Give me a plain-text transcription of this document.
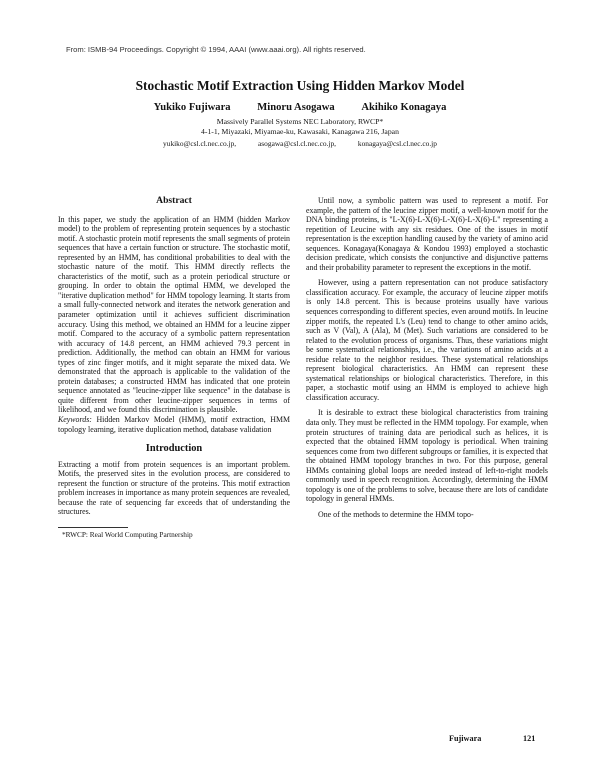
From: ISMB-94 Proceedings. Copyright © 1994, AAAI (www.aaai.org). All rights reserved.
Stochastic Motif Extraction Using Hidden Markov Model
Yukiko Fujiwara	Minoru Asogawa	Akihiko Konagaya
Massively Parallel Systems NEC Laboratory, RWCP*
4-1-1, Miyazaki, Miyamae-ku, Kawasaki, Kanagawa 216, Japan
yukiko@csl.cl.nec.co.jp,	asogawa@csl.cl.nec.co.jp,	konagaya@csl.cl.nec.co.jp
Abstract

In this paper, we study the application of an HMM (hidden Markov model) to the problem of representing protein sequences by a stochastic motif. A stochastic protein motif represents the small segments of protein sequences that have a certain function or structure. The stochastic motif, represented by an HMM, has conditional probabilities to deal with the stochastic nature of the motif. This HMM directly reflects the characteristics of the motif, such as a protein periodical structure or grouping. In order to obtain the optimal HMM, we developed the "iterative duplication method" for HMM topology learning. It starts from a small fully-connected network and iterates the network generation and parameter optimization until it achieves sufficient discrimination accuracy. Using this method, we obtained an HMM for a leucine zipper motif. Compared to the accuracy of a symbolic pattern representation with accuracy of 14.8 percent, an HMM achieved 79.3 percent in prediction. Additionally, the method can obtain an HMM for various types of zinc finger motifs, and it might separate the mixed data. We demonstrated that the approach is applicable to the validation of the protein databases; a constructed HMM has indicated that one protein sequence annotated as "leucine-zipper like sequence" in the database is quite different from other leucine-zipper sequences in terms of likelihood, and we found this discrimination is plausible.

Keywords: Hidden Markov Model (HMM), motif extraction, HMM topology learning, iterative duplication method, database validation

Introduction

Extracting a motif from protein sequences is an important problem. Motifs, the preserved sites in the evolution process, are considered to represent the function or structure of the proteins. This motif extraction problem increases in importance as many protein sequences are revealed, because the rate of sequencing far exceeds that of understanding the structures.

*RWCP: Real World Computing Partnership

Until now, a symbolic pattern was used to represent a motif. For example, the pattern of the leucine zipper motif, a well-known motif for the DNA binding proteins, is "L-X(6)-L-X(6)-L-X(6)-L-X(6)-L" representing a repetition of Leucine with any six residues. One of the issues in motif representation is the exception handling caused by the variety of amino acid sequences. Konagaya(Konagaya & Kondou 1993) employed a stochastic decision predicate, which consists the conjunctive and disjunctive patterns and their probability parameter to represent the exceptions in the motif.

However, using a pattern representation can not produce satisfactory classification accuracy. For example, the accuracy of leucine zipper motifs is only 14.8 percent. This is because proteins usually have various sequences corresponding to different species, even around motifs. In leucine zipper motifs, the repeated L's (Leu) tend to change to other amino acids, such as V (Val), A (Ala), M (Met). Such variations are considered to be related to the evolution process of organisms. Thus, these variations might be some systematical relationships, i.e., the variations of amino acids at a residue relate to the neighbor residues. These systematical relationships represent biological characteristics. An HMM can represent these systematical relationships or biological characteristics. Therefore, in this paper, a stochastic motif using an HMM is employed to achieve high classification accuracy.

It is desirable to extract these biological characteristics from training data only. They must be reflected in the HMM topology. For example, when protein structures of training data are periodical such as helices, it is expected that the obtained HMM topology is periodical. When training sequences come from two different subgroups or families, it is expected that the obtained HMM topology branches in two. For this purpose, general HMMs containing global loops are needed instead of left-to-right models commonly used in speech recognition. Accordingly, determining the HMM topology is one of the problems to solve, because there are lots of candidate topology in general HMMs.

One of the methods to determine the HMM topo-

Fujiwara	121
